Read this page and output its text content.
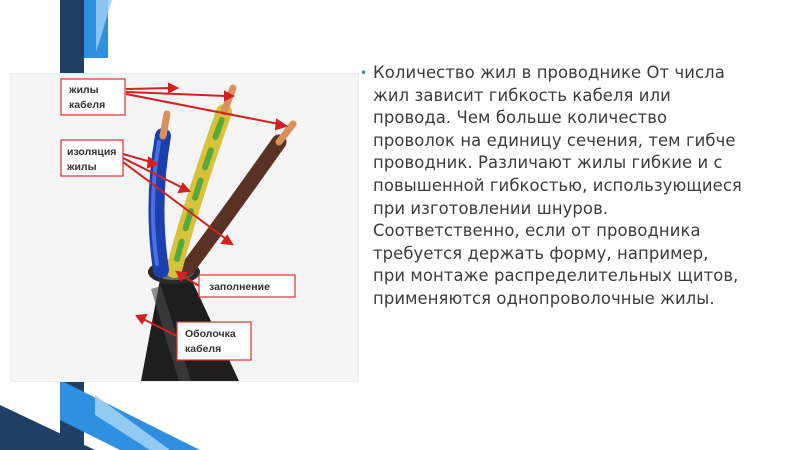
жилы
кабеля
изоляция
жилы
заполнение
Оболочка
кабеля
• Количество жил в проводнике От числа жил зависит гибкость кабеля или провода. Чем больше количество проволок на единицу сечения, тем гибче проводник. Различают жилы гибкие и с повышенной гибкостью, использующиеся при изготовлении шнуров. Соответственно, если от проводника требуется держать форму, например, при монтаже распределительных щитов, применяются однопроволочные жилы.
